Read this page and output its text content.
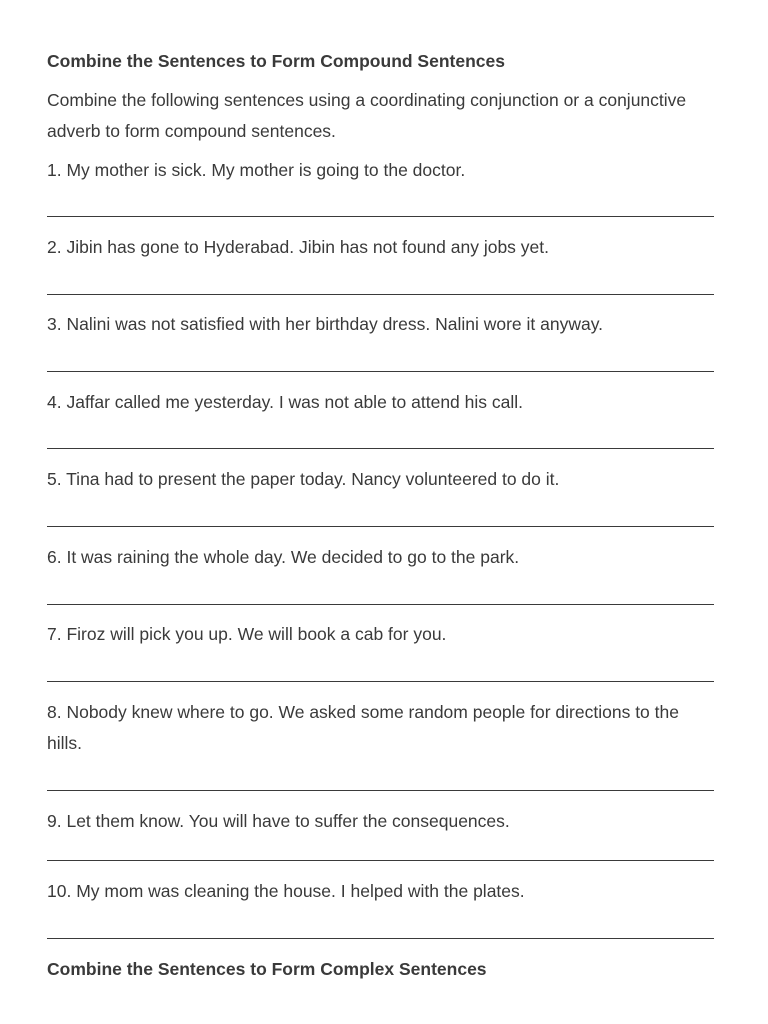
Combine the Sentences to Form Compound Sentences
Combine the following sentences using a coordinating conjunction or a conjunctive adverb to form compound sentences.
1. My mother is sick. My mother is going to the doctor.
2. Jibin has gone to Hyderabad. Jibin has not found any jobs yet.
3. Nalini was not satisfied with her birthday dress. Nalini wore it anyway.
4. Jaffar called me yesterday. I was not able to attend his call.
5. Tina had to present the paper today. Nancy volunteered to do it.
6. It was raining the whole day. We decided to go to the park.
7. Firoz will pick you up. We will book a cab for you.
8. Nobody knew where to go. We asked some random people for directions to the hills.
9. Let them know. You will have to suffer the consequences.
10. My mom was cleaning the house. I helped with the plates.
Combine the Sentences to Form Complex Sentences
